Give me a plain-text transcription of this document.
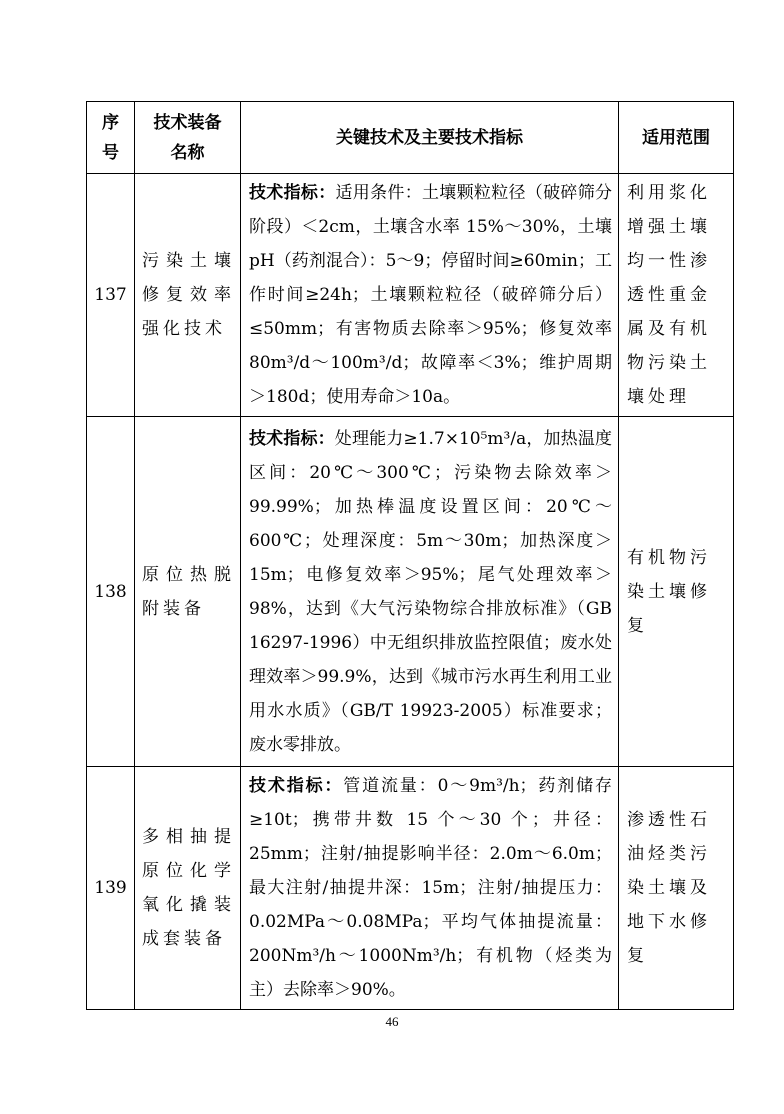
序号	技术装备名称	关键技术及主要技术指标	适用范围
137	污染土壤修复效率强化技术	技术指标：适用条件：土壤颗粒粒径（破碎筛分阶段）＜2cm，土壤含水率 15%～30%，土壤pH（药剂混合）：5～9；停留时间≥60min；工作时间≥24h；土壤颗粒粒径（破碎筛分后）≤50mm；有害物质去除率＞95%；修复效率80m³/d～100m³/d；故障率＜3%；维护周期＞180d；使用寿命＞10a。	利用浆化增强土壤均一性渗透性重金属及有机物污染土壤处理
138	原位热脱附装备	技术指标：处理能力≥1.7×10⁵m³/a，加热温度区间：20℃～300℃；污染物去除效率＞99.99%；加热棒温度设置区间：20℃～600℃；处理深度：5m～30m；加热深度＞15m；电修复效率＞95%；尾气处理效率＞98%，达到《大气污染物综合排放标准》（GB 16297-1996）中无组织排放监控限值；废水处理效率＞99.9%，达到《城市污水再生利用工业用水水质》（GB/T 19923-2005）标准要求；废水零排放。	有机物污染土壤修复
139	多相抽提原位化学氧化撬装成套装备	技术指标：管道流量：0～9m³/h；药剂储存≥10t；携带井数 15 个～30 个；井径：25mm；注射/抽提影响半径：2.0m～6.0m；最大注射/抽提井深：15m；注射/抽提压力：0.02MPa～0.08MPa；平均气体抽提流量：200Nm³/h～1000Nm³/h；有机物（烃类为主）去除率＞90%。	渗透性石油烃类污染土壤及地下水修复
46
